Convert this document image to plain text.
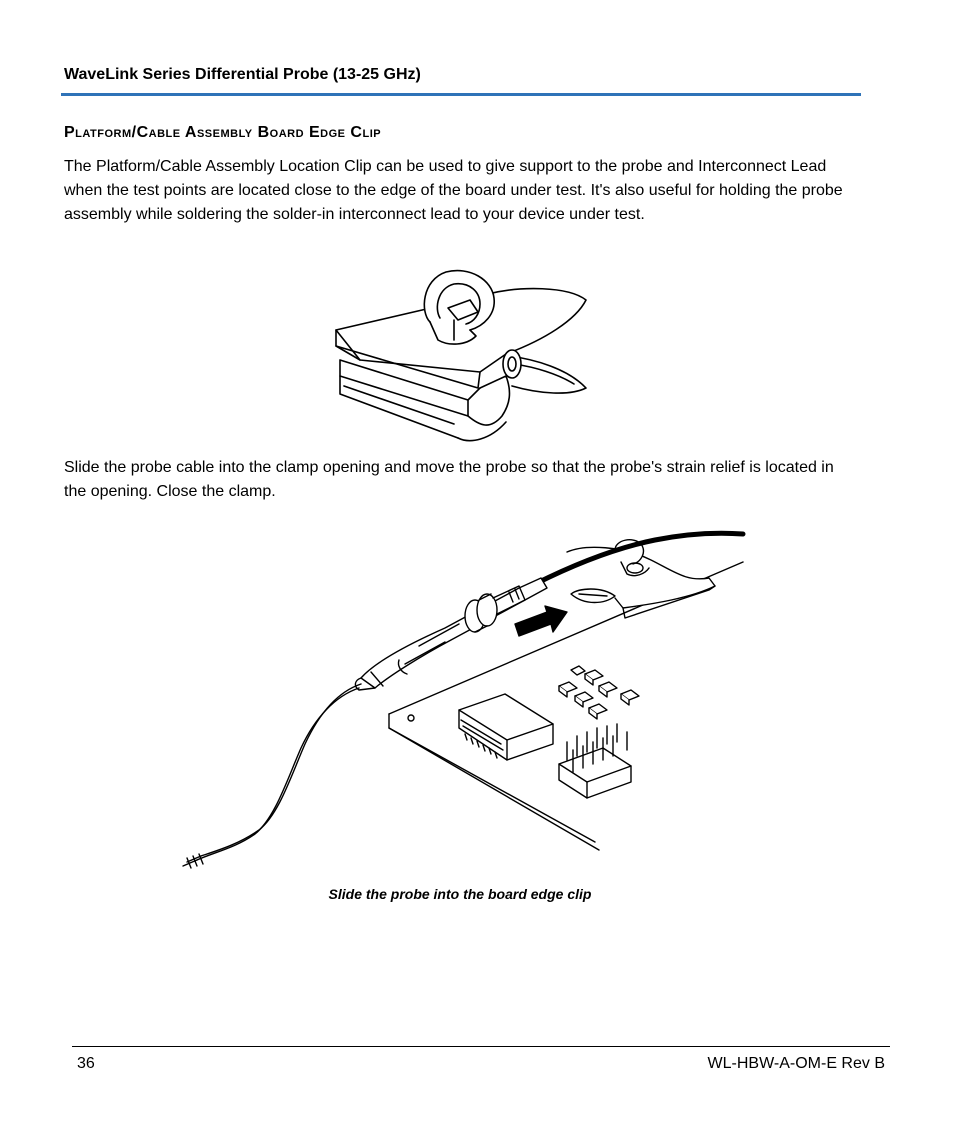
WaveLink Series Differential Probe (13-25 GHz)
Platform/Cable Assembly Board Edge Clip

The Platform/Cable Assembly Location Clip can be used to give support to the probe and Interconnect Lead when the test points are located close to the edge of the board under test. It's also useful for holding the probe assembly while soldering the solder-in interconnect lead to your device under test.

Slide the probe cable into the clamp opening and move the probe so that the probe's strain relief is located in the opening. Close the clamp.

Slide the probe into the board edge clip
36	WL-HBW-A-OM-E Rev B
